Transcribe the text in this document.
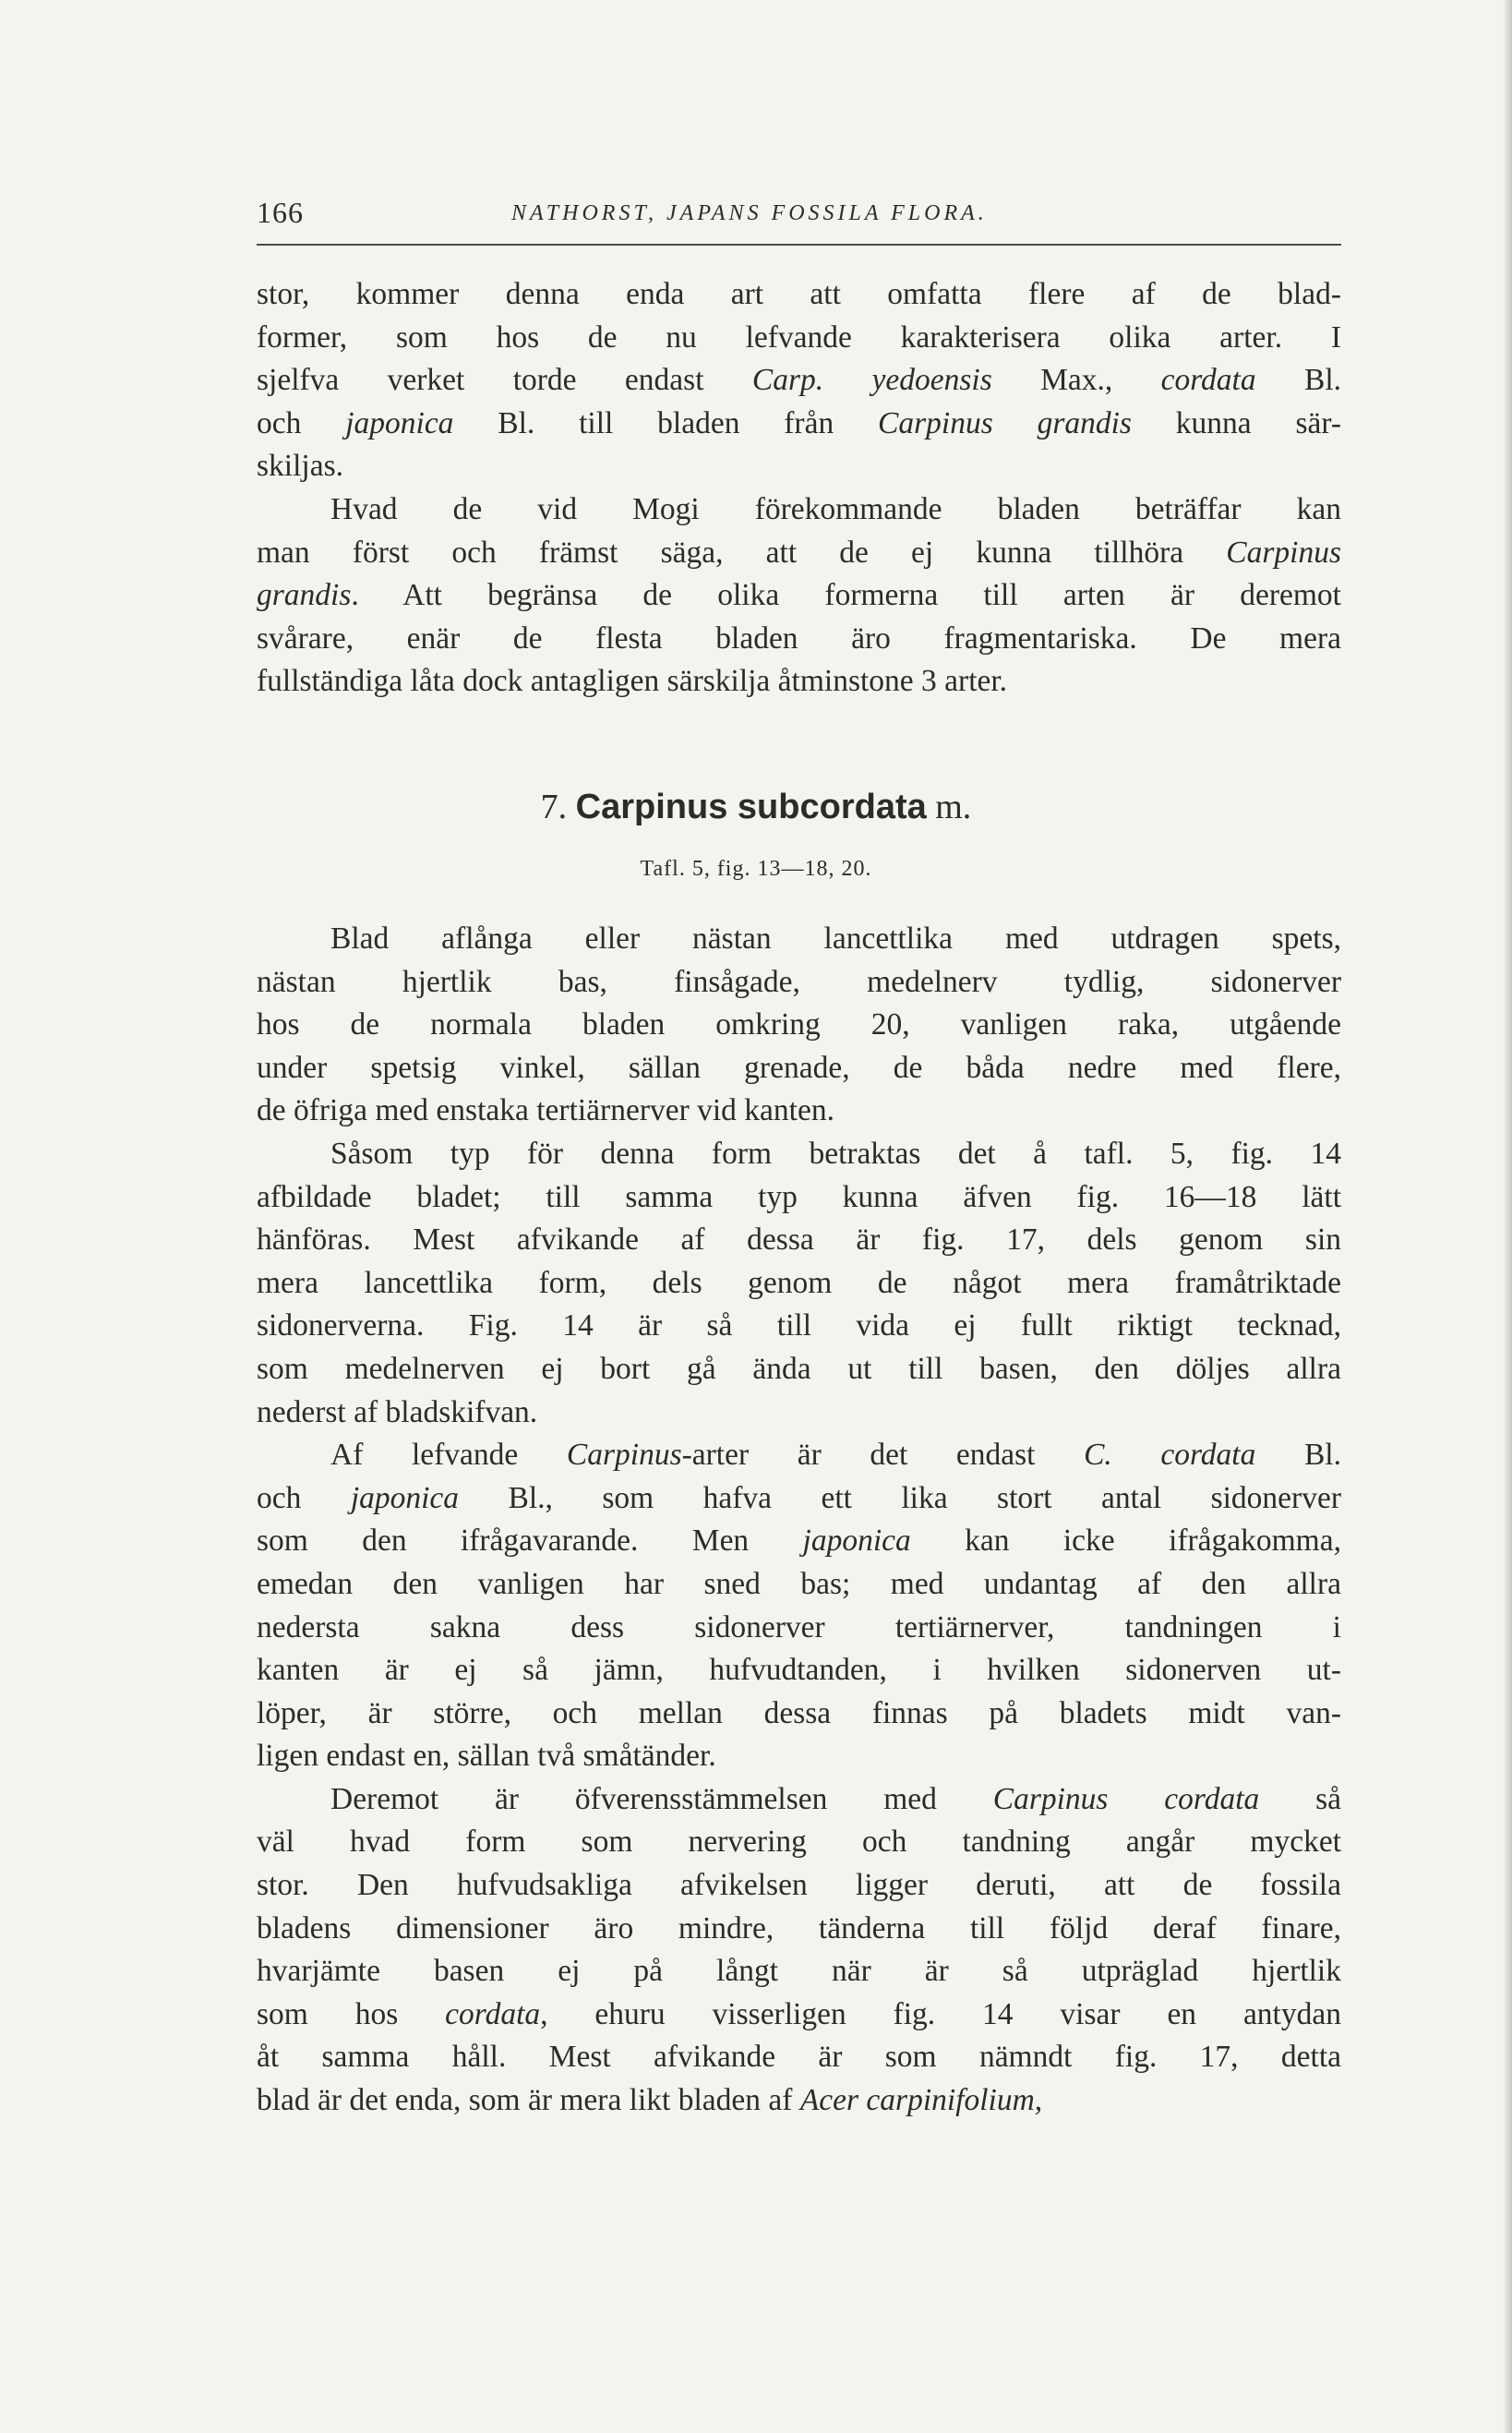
166	NATHORST, JAPANS FOSSILA FLORA.
stor, kommer denna enda art att omfatta flere af de blad-
former, som hos de nu lefvande karakterisera olika arter. I
sjelfva verket torde endast Carp. yedoensis Max., cordata Bl.
och japonica Bl. till bladen från Carpinus grandis kunna sär-
skiljas.
Hvad de vid Mogi förekommande bladen beträffar kan
man först och främst säga, att de ej kunna tillhöra Carpinus
grandis. Att begränsa de olika formerna till arten är deremot
svårare, enär de flesta bladen äro fragmentariska. De mera
fullständiga låta dock antagligen särskilja åtminstone 3 arter.
7. Carpinus subcordata m.
Tafl. 5, fig. 13—18, 20.
Blad aflånga eller nästan lancettlika med utdragen spets,
nästan hjertlik bas, finsågade, medelnerv tydlig, sidonerver
hos de normala bladen omkring 20, vanligen raka, utgående
under spetsig vinkel, sällan grenade, de båda nedre med flere,
de öfriga med enstaka tertiärnerver vid kanten.
Såsom typ för denna form betraktas det å tafl. 5, fig. 14
afbildade bladet; till samma typ kunna äfven fig. 16—18 lätt
hänföras. Mest afvikande af dessa är fig. 17, dels genom sin
mera lancettlika form, dels genom de något mera framåtriktade
sidonerverna. Fig. 14 är så till vida ej fullt riktigt tecknad,
som medelnerven ej bort gå ända ut till basen, den döljes allra
nederst af bladskifvan.
Af lefvande Carpinus-arter är det endast C. cordata Bl.
och japonica Bl., som hafva ett lika stort antal sidonerver
som den ifrågavarande. Men japonica kan icke ifrågakomma,
emedan den vanligen har sned bas; med undantag af den allra
nedersta sakna dess sidonerver tertiärnerver, tandningen i
kanten är ej så jämn, hufvudtanden, i hvilken sidonerven ut-
löper, är större, och mellan dessa finnas på bladets midt van-
ligen endast en, sällan två småtänder.
Deremot är öfverensstämmelsen med Carpinus cordata så
väl hvad form som nervering och tandning angår mycket
stor. Den hufvudsakliga afvikelsen ligger deruti, att de fossila
bladens dimensioner äro mindre, tänderna till följd deraf finare,
hvarjämte basen ej på långt när är så utpräglad hjertlik
som hos cordata, ehuru visserligen fig. 14 visar en antydan
åt samma håll. Mest afvikande är som nämndt fig. 17, detta
blad är det enda, som är mera likt bladen af Acer carpinifolium,
